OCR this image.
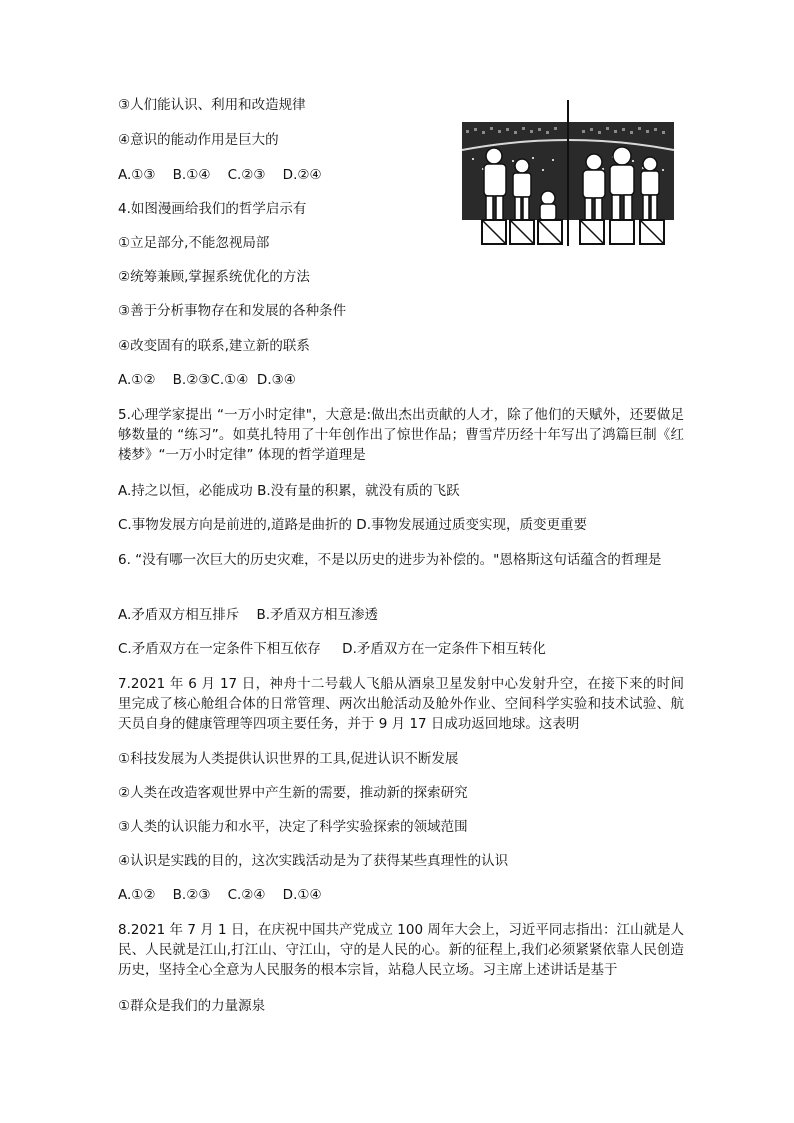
③人们能认识、利用和改造规律
④意识的能动作用是巨大的
A.①③    B.①④    C.②③    D.②④
4.如图漫画给我们的哲学启示有
①立足部分,不能忽视局部
②统筹兼顾,掌握系统优化的方法
③善于分析事物存在和发展的各种条件
④改变固有的联系,建立新的联系
A.①②    B.②③C.①④  D.③④
5.心理学家提出 “一万小时定律"，大意是:做出杰出贡献的人才，除了他们的天赋外，还要做足够数量的 “练习”。如莫扎特用了十年创作出了惊世作品；曹雪芹历经十年写出了鸿篇巨制《红楼梦》“一万小时定律” 体现的哲学道理是
A.持之以恒，必能成功 B.没有量的积累，就没有质的飞跃
C.事物发展方向是前进的,道路是曲折的 D.事物发展通过质变实现，质变更重要
6. “没有哪一次巨大的历史灾难，不是以历史的进步为补偿的。"恩格斯这句话蕴含的哲理是
A.矛盾双方相互排斥    B.矛盾双方相互渗透
C.矛盾双方在一定条件下相互依存     D.矛盾双方在一定条件下相互转化
7.2021 年 6 月 17 日，神舟十二号载人飞船从酒泉卫星发射中心发射升空，在接下来的时间里完成了核心舱组合体的日常管理、两次出舱活动及舱外作业、空间科学实验和技术试验、航天员自身的健康管理等四项主要任务，并于 9 月 17 日成功返回地球。这表明
①科技发展为人类提供认识世界的工具,促进认识不断发展
②人类在改造客观世界中产生新的需要，推动新的探索研究
③人类的认识能力和水平，决定了科学实验探索的领域范围
④认识是实践的目的，这次实践活动是为了获得某些真理性的认识
A.①②    B.②③    C.②④    D.①④
8.2021 年 7 月 1 日，在庆祝中国共产党成立 100 周年大会上，习近平同志指出：江山就是人民、人民就是江山,打江山、守江山，守的是人民的心。新的征程上,我们必须紧紧依靠人民创造历史，坚持全心全意为人民服务的根本宗旨，站稳人民立场。习主席上述讲话是基于
①群众是我们的力量源泉
